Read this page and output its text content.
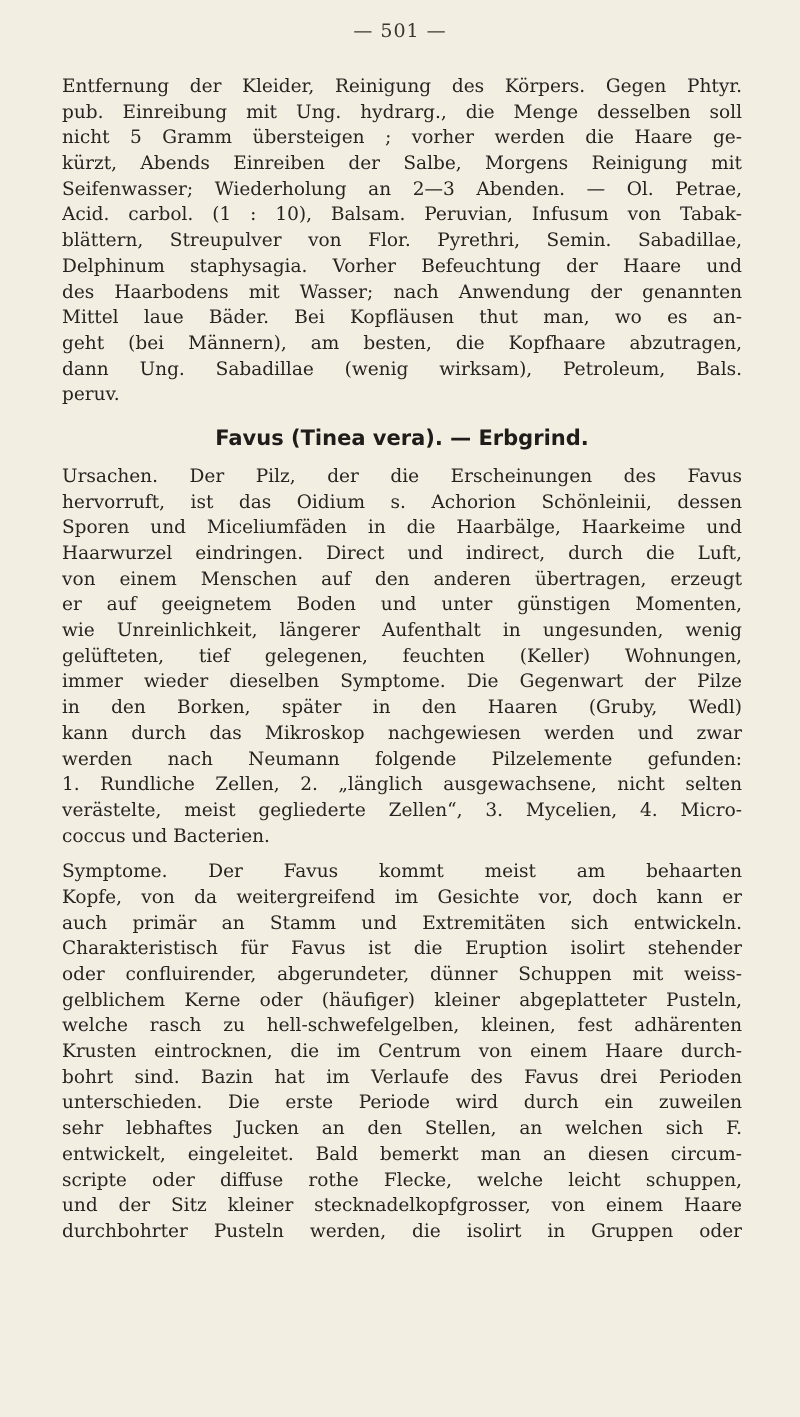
— 501 —
Entfernung der Kleider, Reinigung des Körpers. Gegen Phtyr.
pub. Einreibung mit Ung. hydrarg., die Menge desselben soll
nicht 5 Gramm übersteigen ; vorher werden die Haare ge-
kürzt, Abends Einreiben der Salbe, Morgens Reinigung mit
Seifenwasser; Wiederholung an 2—3 Abenden. — Ol. Petrae,
Acid. carbol. (1 : 10), Balsam. Peruvian, Infusum von Tabak-
blättern, Streupulver von Flor. Pyrethri, Semin. Sabadillae,
Delphinum staphysagia. Vorher Befeuchtung der Haare und
des Haarbodens mit Wasser; nach Anwendung der genannten
Mittel laue Bäder. Bei Kopfläusen thut man, wo es an-
geht (bei Männern), am besten, die Kopfhaare abzutragen,
dann Ung. Sabadillae (wenig wirksam), Petroleum, Bals.
peruv.
Favus (Tinea vera). — Erbgrind.
Ursachen. Der Pilz, der die Erscheinungen des Favus
hervorruft, ist das Oidium s. Achorion Schönleinii, dessen
Sporen und Miceliumfäden in die Haarbälge, Haarkeime und
Haarwurzel eindringen. Direct und indirect, durch die Luft,
von einem Menschen auf den anderen übertragen, erzeugt
er auf geeignetem Boden und unter günstigen Momenten,
wie Unreinlichkeit, längerer Aufenthalt in ungesunden, wenig
gelüfteten, tief gelegenen, feuchten (Keller) Wohnungen,
immer wieder dieselben Symptome. Die Gegenwart der Pilze
in den Borken, später in den Haaren (Gruby, Wedl)
kann durch das Mikroskop nachgewiesen werden und zwar
werden nach Neumann folgende Pilzelemente gefunden:
1. Rundliche Zellen, 2. „länglich ausgewachsene, nicht selten
verästelte, meist gegliederte Zellen“, 3. Mycelien, 4. Micro-
coccus und Bacterien.
Symptome. Der Favus kommt meist am behaarten
Kopfe, von da weitergreifend im Gesichte vor, doch kann er
auch primär an Stamm und Extremitäten sich entwickeln.
Charakteristisch für Favus ist die Eruption isolirt stehender
oder confluirender, abgerundeter, dünner Schuppen mit weiss-
gelblichem Kerne oder (häufiger) kleiner abgeplatteter Pusteln,
welche rasch zu hell-schwefelgelben, kleinen, fest adhärenten
Krusten eintrocknen, die im Centrum von einem Haare durch-
bohrt sind. Bazin hat im Verlaufe des Favus drei Perioden
unterschieden. Die erste Periode wird durch ein zuweilen
sehr lebhaftes Jucken an den Stellen, an welchen sich F.
entwickelt, eingeleitet. Bald bemerkt man an diesen circum-
scripte oder diffuse rothe Flecke, welche leicht schuppen,
und der Sitz kleiner stecknadelkopfgrosser, von einem Haare
durchbohrter Pusteln werden, die isolirt in Gruppen oder
